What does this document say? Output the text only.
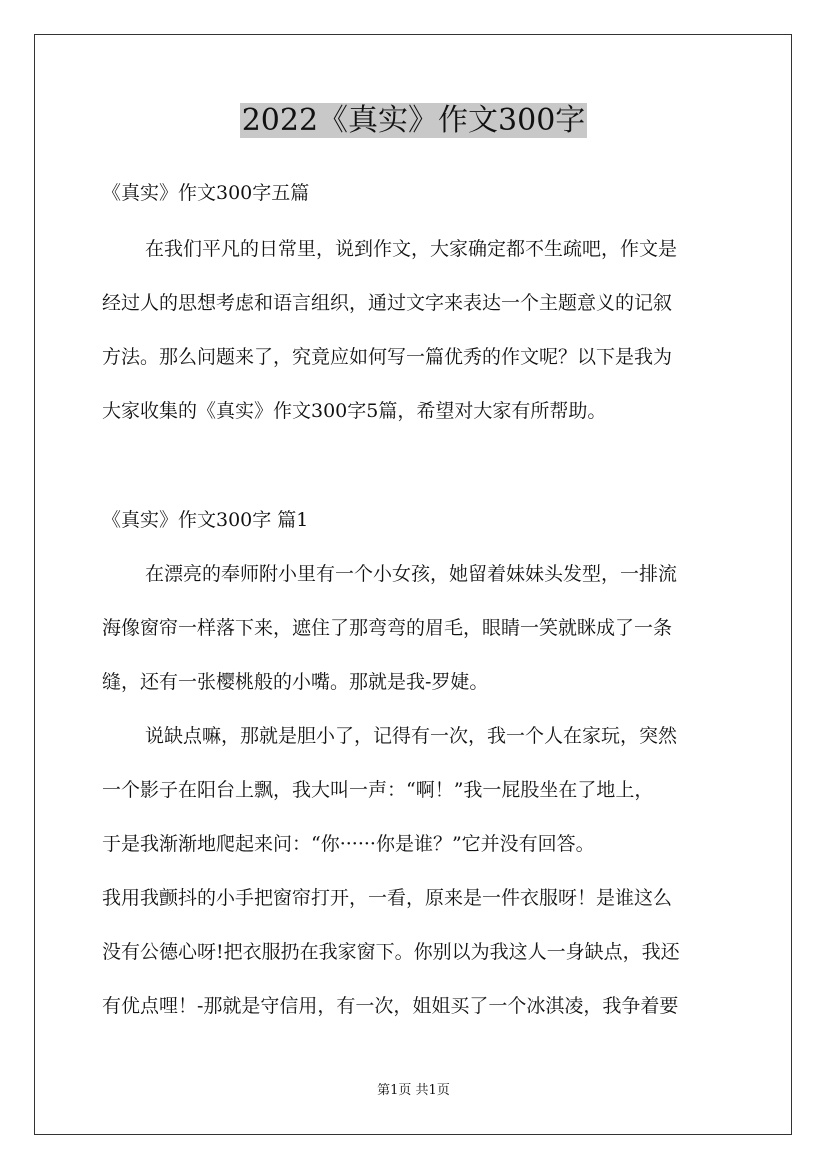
2022《真实》作文300字
《真实》作文300字五篇
在我们平凡的日常里，说到作文，大家确定都不生疏吧，作文是
经过人的思想考虑和语言组织，通过文字来表达一个主题意义的记叙
方法。那么问题来了，究竟应如何写一篇优秀的作文呢？以下是我为
大家收集的《真实》作文300字5篇，希望对大家有所帮助。
《真实》作文300字 篇1
在漂亮的奉师附小里有一个小女孩，她留着妹妹头发型，一排流
海像窗帘一样落下来，遮住了那弯弯的眉毛，眼睛一笑就眯成了一条
缝，还有一张樱桃般的小嘴。那就是我-罗婕。
说缺点嘛，那就是胆小了，记得有一次，我一个人在家玩，突然
一个影子在阳台上飘，我大叫一声：“啊！”我一屁股坐在了地上，
于是我渐渐地爬起来问：“你······你是谁？”它并没有回答。
我用我颤抖的小手把窗帘打开，一看，原来是一件衣服呀！是谁这么
没有公德心呀!把衣服扔在我家窗下。你别以为我这人一身缺点，我还
有优点哩！-那就是守信用，有一次，姐姐买了一个冰淇凌，我争着要
第1页 共1页
